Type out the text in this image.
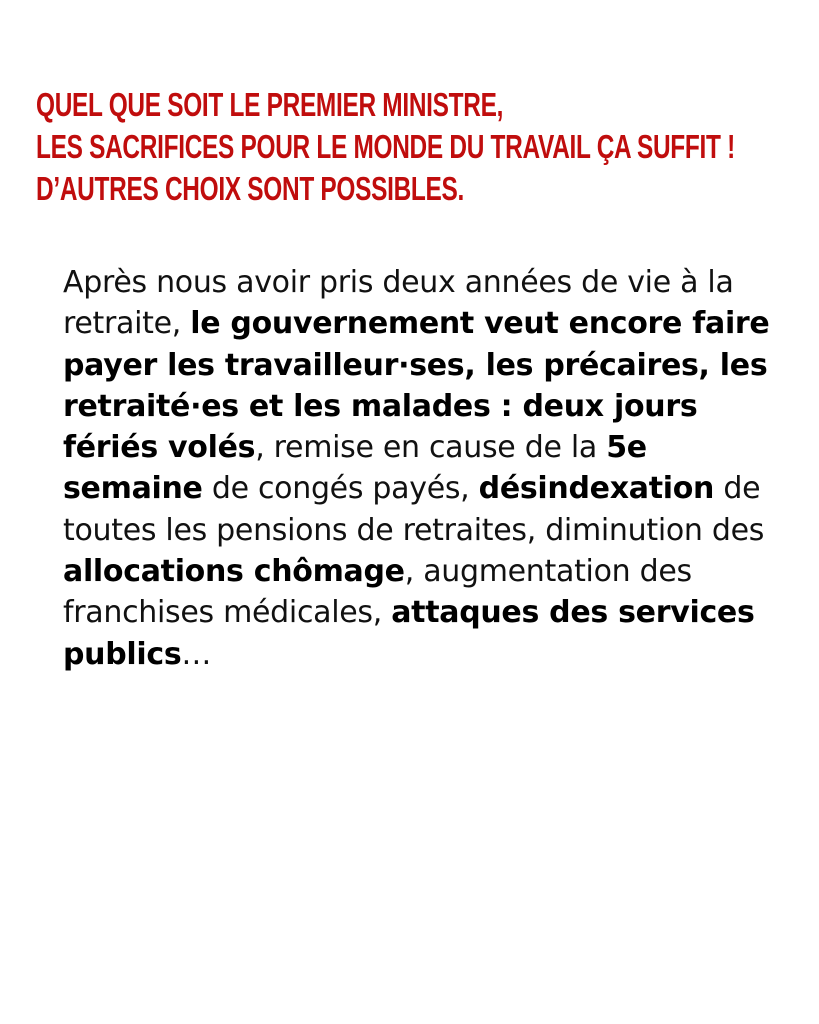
QUEL QUE SOIT LE PREMIER MINISTRE,
LES SACRIFICES POUR LE MONDE DU TRAVAIL ÇA SUFFIT !
D’AUTRES CHOIX SONT POSSIBLES.

Après nous avoir pris deux années de vie à la retraite, le gouvernement veut encore faire payer les travailleur·ses, les précaires, les retraité·es et les malades : deux jours fériés volés, remise en cause de la 5e semaine de congés payés, désindexation de toutes les pensions de retraites, diminution des allocations chômage, augmentation des franchises médicales, attaques des services publics…
